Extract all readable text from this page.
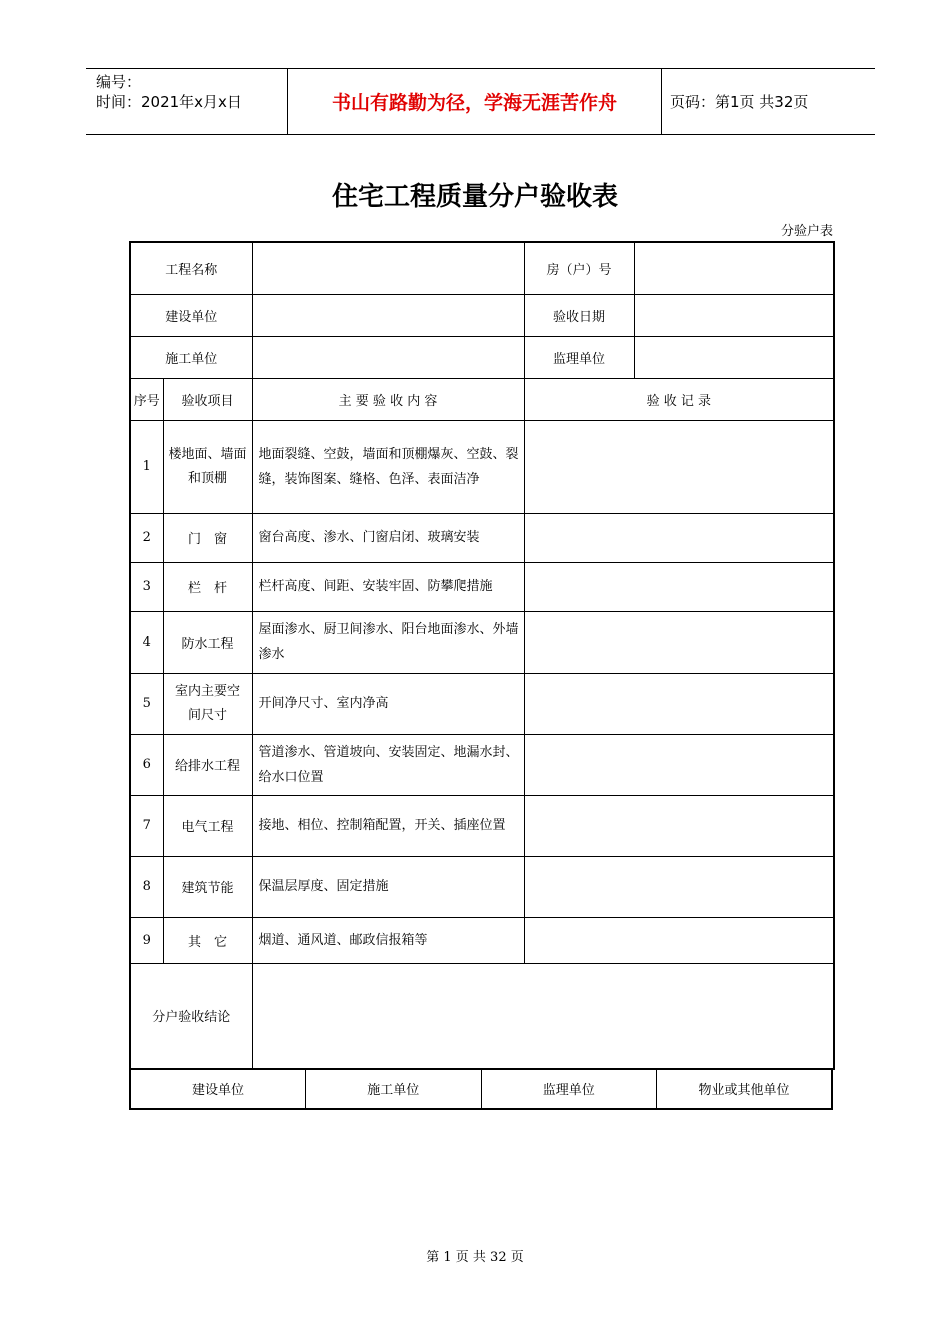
编号：
时间：2021年x月x日	书山有路勤为径，学海无涯苦作舟	页码：第1页 共32页
住宅工程质量分户验收表
分验户表
工程名称			房（户）号	
建设单位			验收日期	
施工单位			监理单位	
序号	验收项目	主 要 验 收 内 容	验 收 记 录	
1	楼地面、墙面和顶棚	地面裂缝、空鼓，墙面和顶棚爆灰、空鼓、裂缝，装饰图案、缝格、色泽、表面洁净		
2	门　窗	窗台高度、渗水、门窗启闭、玻璃安装		
3	栏　杆	栏杆高度、间距、安装牢固、防攀爬措施		
4	防水工程	屋面渗水、厨卫间渗水、阳台地面渗水、外墙渗水		
5	室内主要空间尺寸	开间净尺寸、室内净高		
6	给排水工程	管道渗水、管道坡向、安装固定、地漏水封、给水口位置		
7	电气工程	接地、相位、控制箱配置，开关、插座位置		
8	建筑节能	保温层厚度、固定措施		
9	其　它	烟道、通风道、邮政信报箱等		
分户验收结论				
建设单位	施工单位	监理单位	物业或其他单位
第 1 页 共 32 页
